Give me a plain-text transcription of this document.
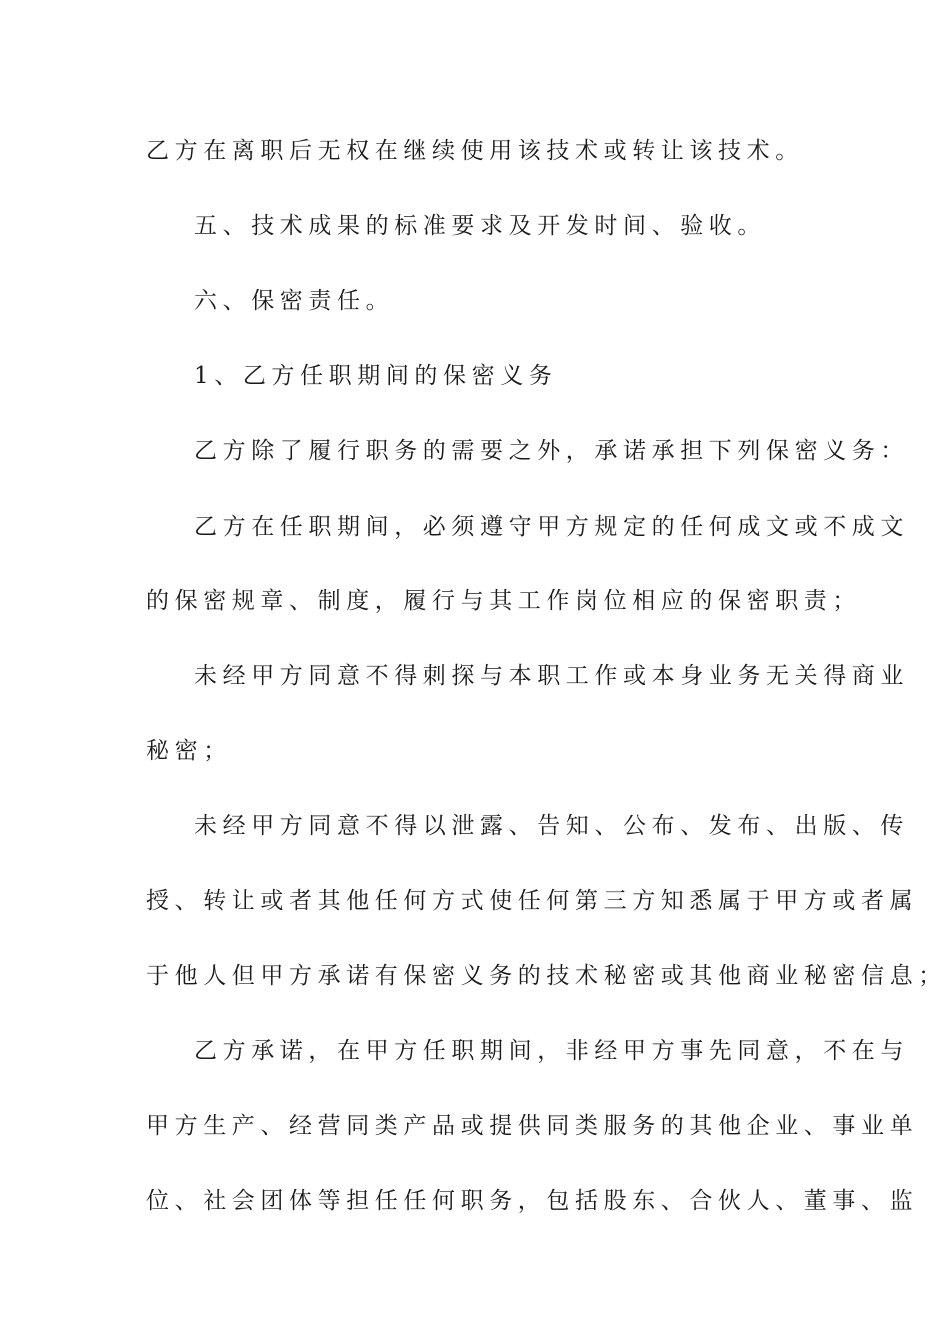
乙方在离职后无权在继续使用该技术或转让该技术。
五、技术成果的标准要求及开发时间、验收。
六、保密责任。
1、乙方任职期间的保密义务
乙方除了履行职务的需要之外，承诺承担下列保密义务：
乙方在任职期间，必须遵守甲方规定的任何成文或不成文
的保密规章、制度，履行与其工作岗位相应的保密职责；
未经甲方同意不得刺探与本职工作或本身业务无关得商业
秘密；
未经甲方同意不得以泄露、告知、公布、发布、出版、传
授、转让或者其他任何方式使任何第三方知悉属于甲方或者属
于他人但甲方承诺有保密义务的技术秘密或其他商业秘密信息；
乙方承诺，在甲方任职期间，非经甲方事先同意，不在与
甲方生产、经营同类产品或提供同类服务的其他企业、事业单
位、社会团体等担任任何职务，包括股东、合伙人、董事、监
